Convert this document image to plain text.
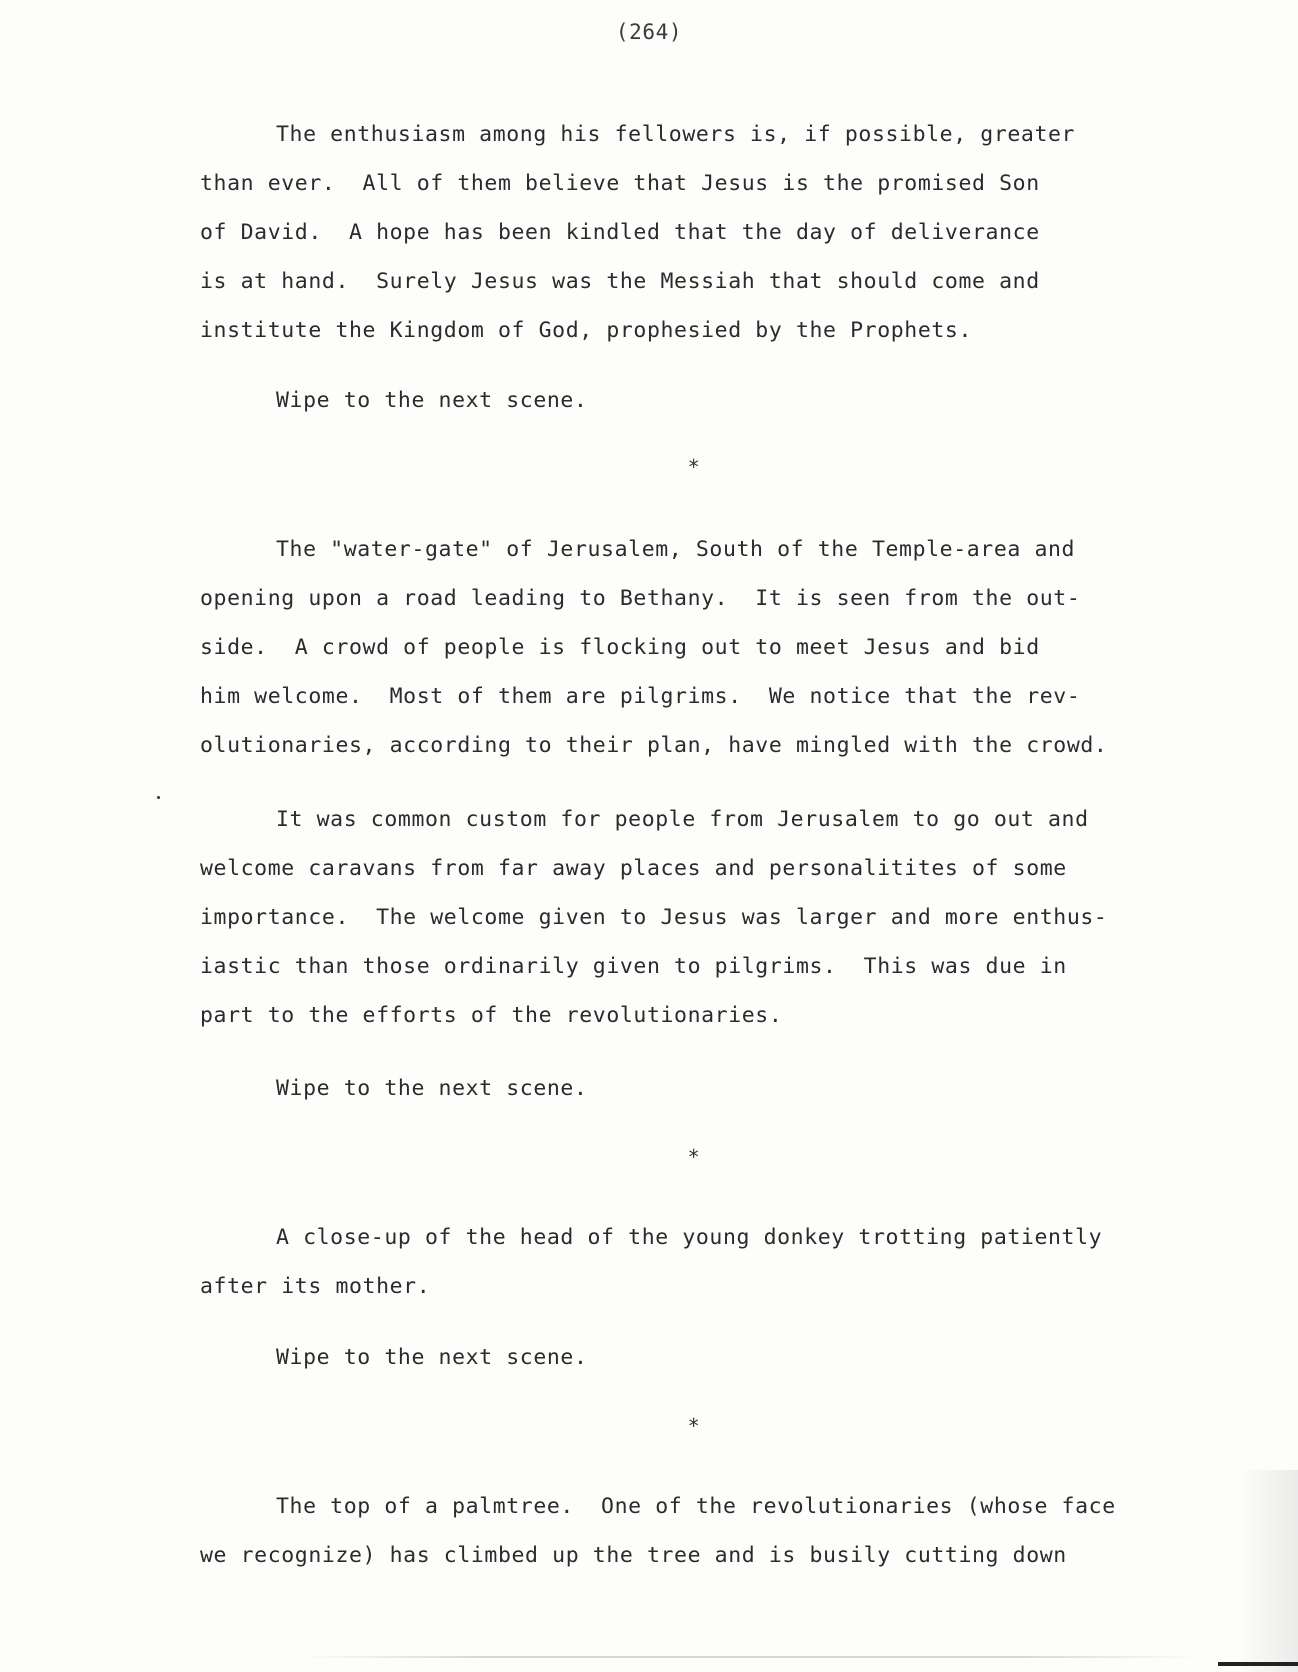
(264)
The enthusiasm among his fellowers is, if possible, greater
than ever.  All of them believe that Jesus is the promised Son
of David.  A hope has been kindled that the day of deliverance
is at hand.  Surely Jesus was the Messiah that should come and
institute the Kingdom of God, prophesied by the Prophets.
Wipe to the next scene.
*
The "water-gate" of Jerusalem, South of the Temple-area and
opening upon a road leading to Bethany.  It is seen from the out-
side.  A crowd of people is flocking out to meet Jesus and bid
him welcome.  Most of them are pilgrims.  We notice that the rev-
olutionaries, according to their plan, have mingled with the crowd.
It was common custom for people from Jerusalem to go out and
welcome caravans from far away places and personalitites of some
importance.  The welcome given to Jesus was larger and more enthus-
iastic than those ordinarily given to pilgrims.  This was due in
part to the efforts of the revolutionaries.
Wipe to the next scene.
*
A close-up of the head of the young donkey trotting patiently
after its mother.
Wipe to the next scene.
*
The top of a palmtree.  One of the revolutionaries (whose face
we recognize) has climbed up the tree and is busily cutting down
